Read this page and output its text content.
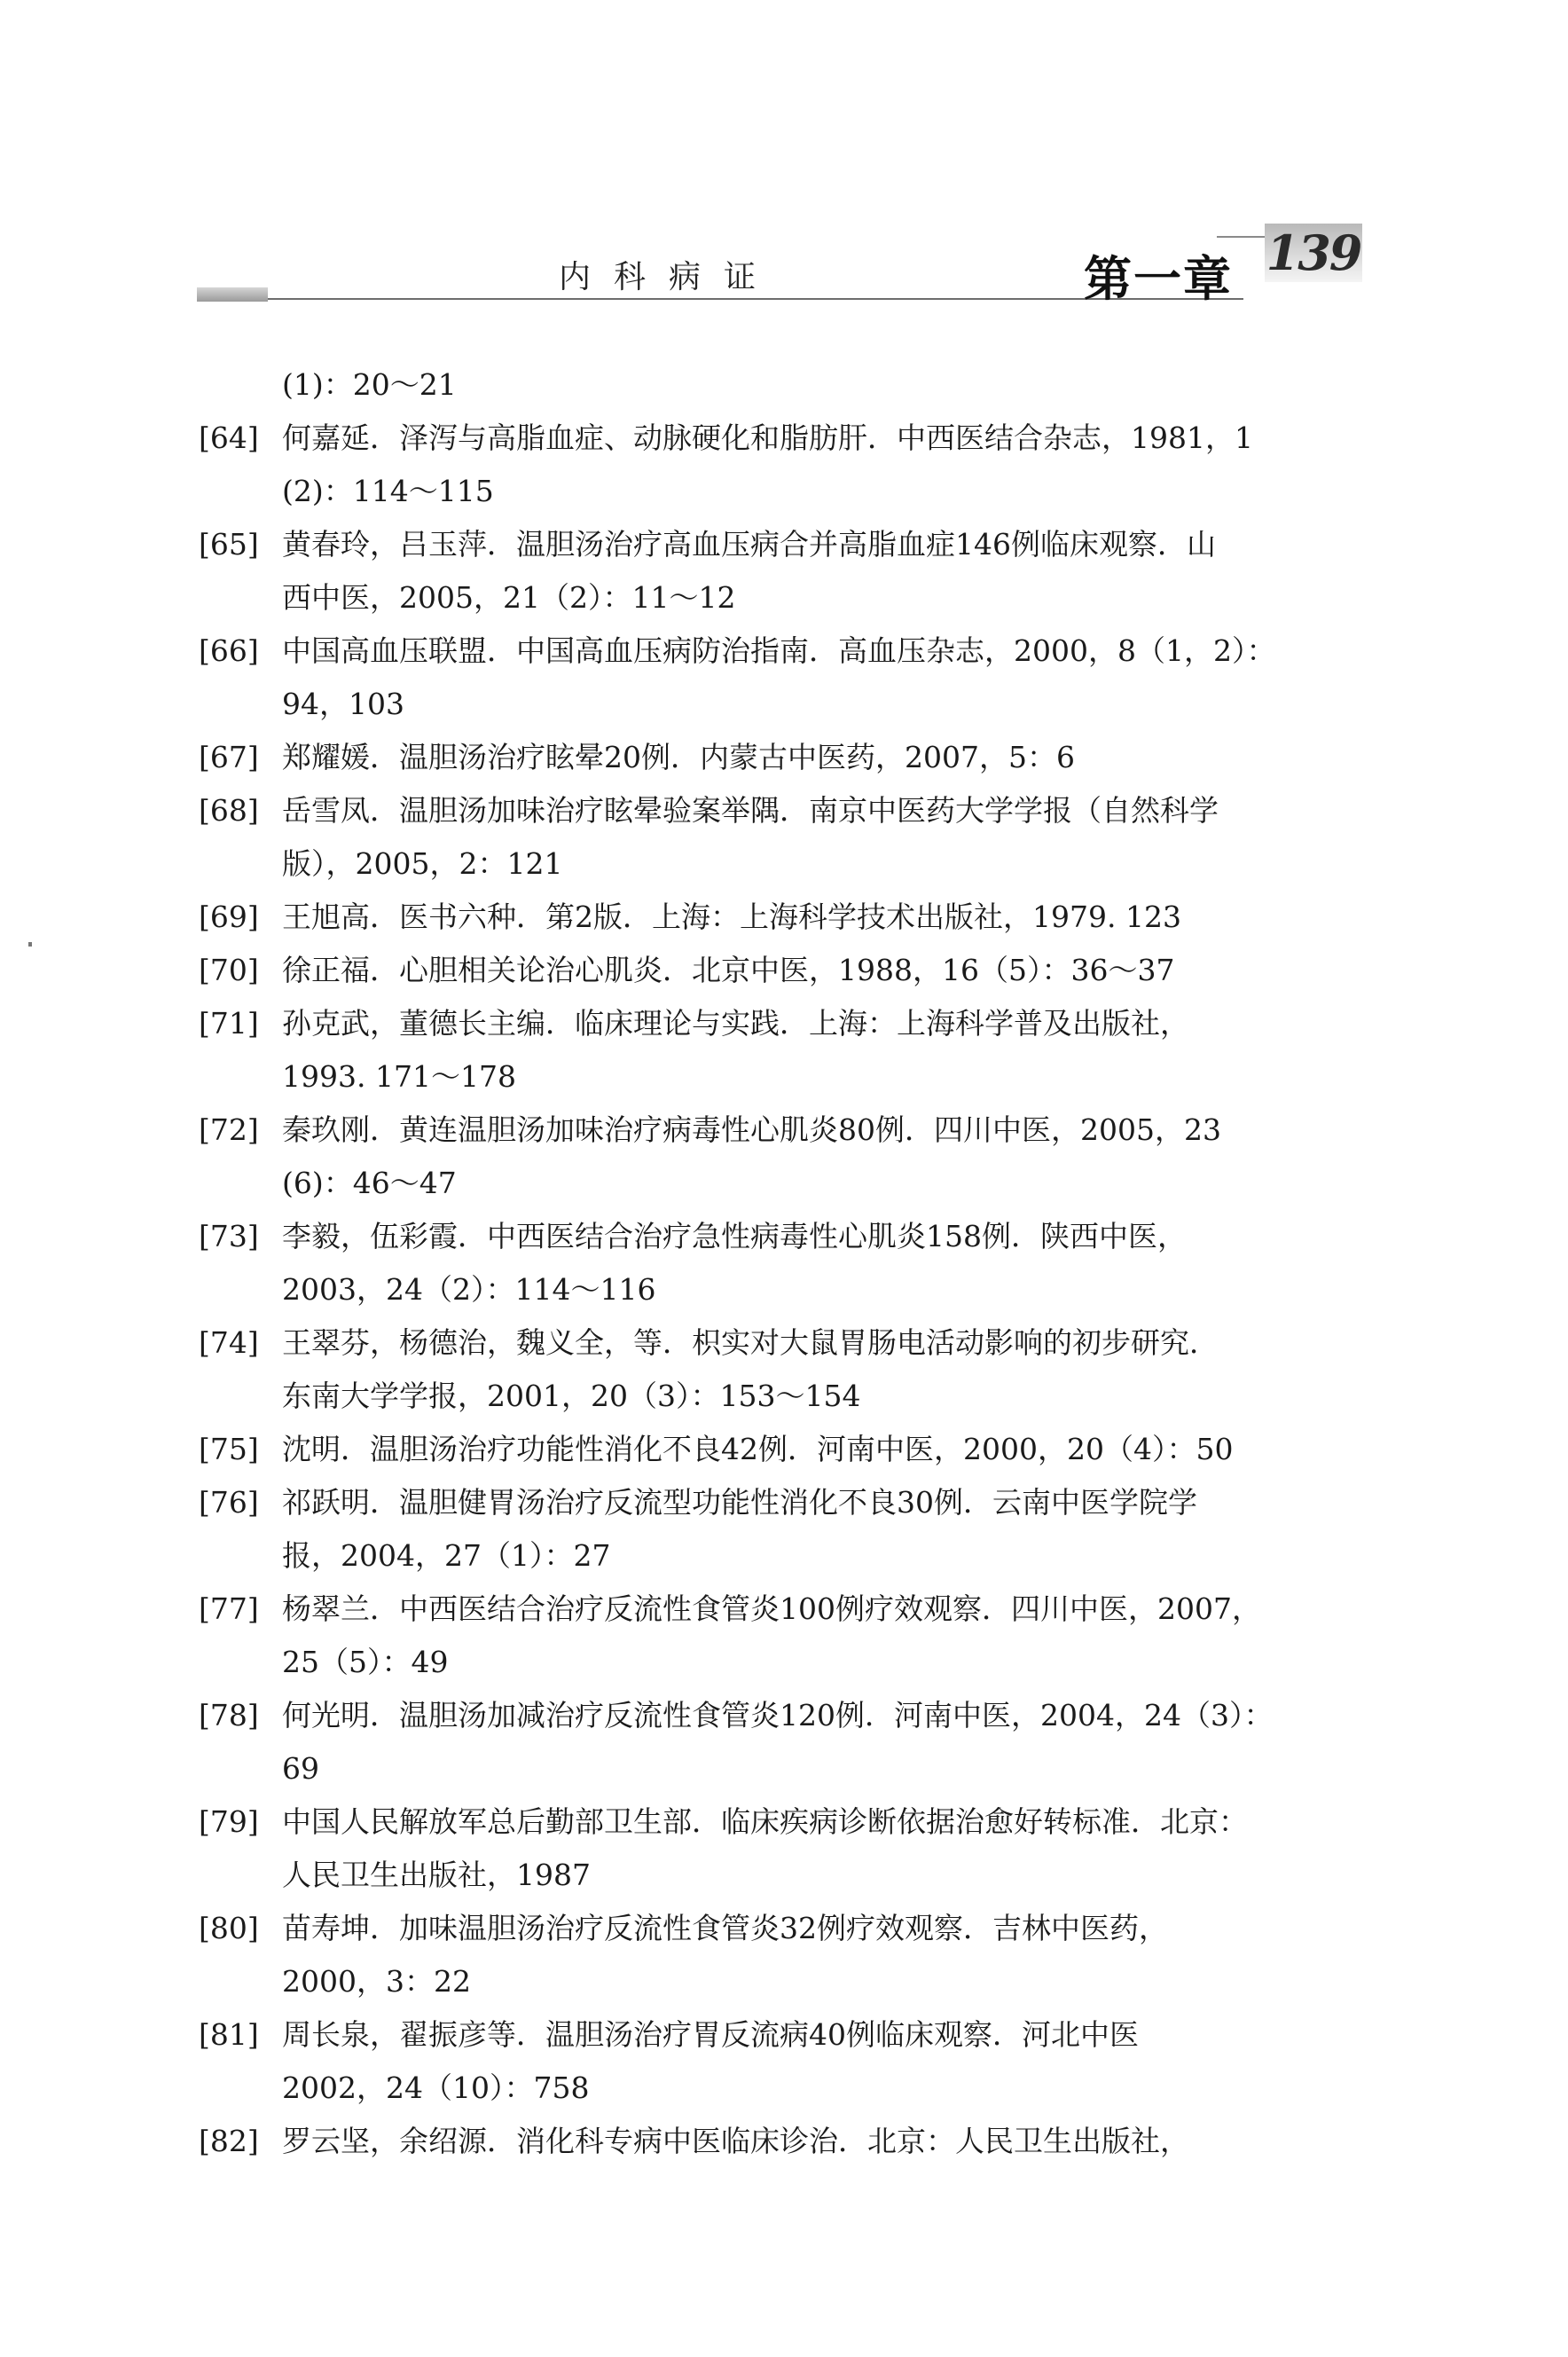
内科病证	第一章 139
(1)：20～21
[64] 何嘉延．泽泻与高脂血症、动脉硬化和脂肪肝．中西医结合杂志，1981，1
(2)：114～115
[65] 黄春玲，吕玉萍．温胆汤治疗高血压病合并高脂血症146例临床观察．山
西中医，2005，21（2）：11～12
[66] 中国高血压联盟．中国高血压病防治指南．高血压杂志，2000，8（1，2）：
94，103
[67] 郑耀媛．温胆汤治疗眩晕20例．内蒙古中医药，2007，5：6
[68] 岳雪凤．温胆汤加味治疗眩晕验案举隅．南京中医药大学学报（自然科学
版），2005，2：121
[69] 王旭高．医书六种．第2版．上海：上海科学技术出版社，1979. 123
[70] 徐正福．心胆相关论治心肌炎．北京中医，1988，16（5）：36～37
[71] 孙克武，董德长主编．临床理论与实践．上海：上海科学普及出版社，
1993. 171～178
[72] 秦玖刚．黄连温胆汤加味治疗病毒性心肌炎80例．四川中医，2005，23
(6)：46～47
[73] 李毅，伍彩霞．中西医结合治疗急性病毒性心肌炎158例．陕西中医，
2003，24（2）：114～116
[74] 王翠芬，杨德治，魏义全，等．枳实对大鼠胃肠电活动影响的初步研究．
东南大学学报，2001，20（3）：153～154
[75] 沈明．温胆汤治疗功能性消化不良42例．河南中医，2000，20（4）：50
[76] 祁跃明．温胆健胃汤治疗反流型功能性消化不良30例．云南中医学院学
报，2004，27（1）：27
[77] 杨翠兰．中西医结合治疗反流性食管炎100例疗效观察．四川中医，2007，
25（5）：49
[78] 何光明．温胆汤加减治疗反流性食管炎120例．河南中医，2004，24（3）：
69
[79] 中国人民解放军总后勤部卫生部．临床疾病诊断依据治愈好转标准．北京：
人民卫生出版社，1987
[80] 苗寿坤．加味温胆汤治疗反流性食管炎32例疗效观察．吉林中医药，
2000，3：22
[81] 周长泉，翟振彦等．温胆汤治疗胃反流病40例临床观察．河北中医
2002，24（10）：758
[82] 罗云坚，余绍源．消化科专病中医临床诊治．北京：人民卫生出版社，
